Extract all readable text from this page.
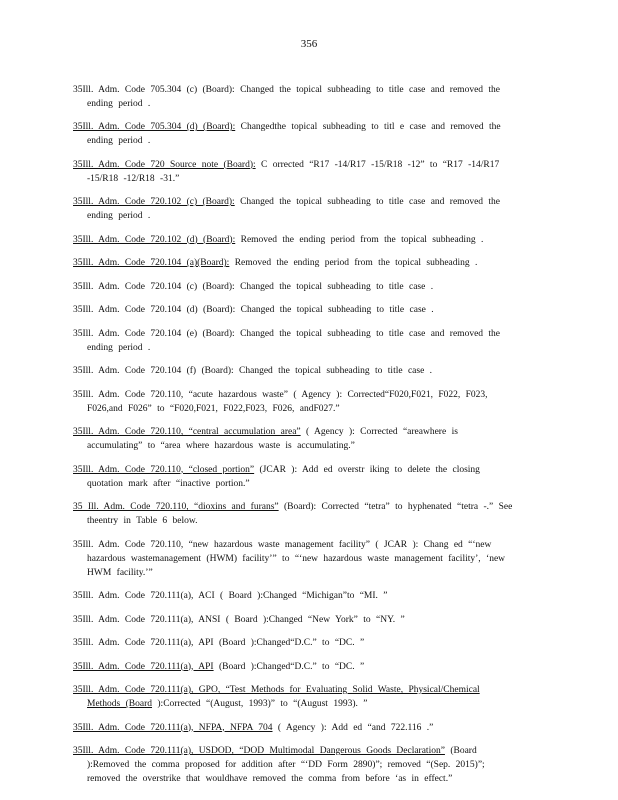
356

35Ill. Adm. Code 705.304 (c) (Board): Changed the topical subheading to title case and removed the ending period .

35Ill. Adm. Code 705.304 (d) (Board): Changedthe topical subheading to titl e case and removed the ending period .

35Ill. Adm. Code 720 Source note (Board): C orrected “R17 -14/R17 -15/R18 -12” to “R17 -14/R17 -15/R18 -12/R18 -31.”

35Ill. Adm. Code 720.102 (c) (Board): Changed the topical subheading to title case and removed the ending period .

35Ill. Adm. Code 720.102 (d) (Board): Removed the ending period from the topical subheading .

35Ill. Adm. Code 720.104 (a)(Board): Removed the ending period from the topical subheading .

35Ill. Adm. Code 720.104 (c) (Board): Changed the topical subheading to title case .

35Ill. Adm. Code 720.104 (d) (Board): Changed the topical subheading to title case .

35Ill. Adm. Code 720.104 (e) (Board): Changed the topical subheading to title case and removed the ending period .

35Ill. Adm. Code 720.104 (f) (Board): Changed the topical subheading to title case .

35Ill. Adm. Code 720.110, “acute hazardous waste” ( Agency ): Corrected“F020,F021, F022, F023, F026,and F026” to “F020,F021, F022,F023, F026, andF027.”

35Ill. Adm. Code 720.110, “central accumulation area” ( Agency ): Corrected “areawhere is accumulating” to “area where hazardous waste is accumulating.”

35Ill. Adm. Code 720.110, “closed portion” (JCAR ): Add ed overstr iking to delete the closing quotation mark after “inactive portion.”

35 Ill. Adm. Code 720.110, “dioxins and furans” (Board): Corrected “tetra” to hyphenated “tetra -.” See theentry in Table 6 below.

35Ill. Adm. Code 720.110, “new hazardous waste management facility” ( JCAR ): Chang ed “‘new hazardous wastemanagement (HWM) facility’” to “‘new hazardous waste management facility’, ‘new HWM facility.’”

35Ill. Adm. Code 720.111(a), ACI ( Board ):Changed “Michigan”to “MI. ”

35Ill. Adm. Code 720.111(a), ANSI ( Board ):Changed “New York” to “NY. ”

35Ill. Adm. Code 720.111(a), API (Board ):Changed“D.C.” to “DC. ”

35Ill. Adm. Code 720.111(a), API (Board ):Changed“D.C.” to “DC. ”

35Ill. Adm. Code 720.111(a), GPO, “Test Methods for Evaluating Solid Waste, Physical/Chemical Methods (Board ):Corrected “(August, 1993)” to “(August 1993). ”

35Ill. Adm. Code 720.111(a), NFPA, NFPA 704 ( Agency ): Add ed “and 722.116 .”

35Ill. Adm. Code 720.111(a), USDOD, “DOD Multimodal Dangerous Goods Declaration” (Board ):Removed the comma proposed for addition after “‘DD Form 2890)”; removed “(Sep. 2015)”; removed the overstrike that wouldhave removed the comma from before ‘as in effect.”
